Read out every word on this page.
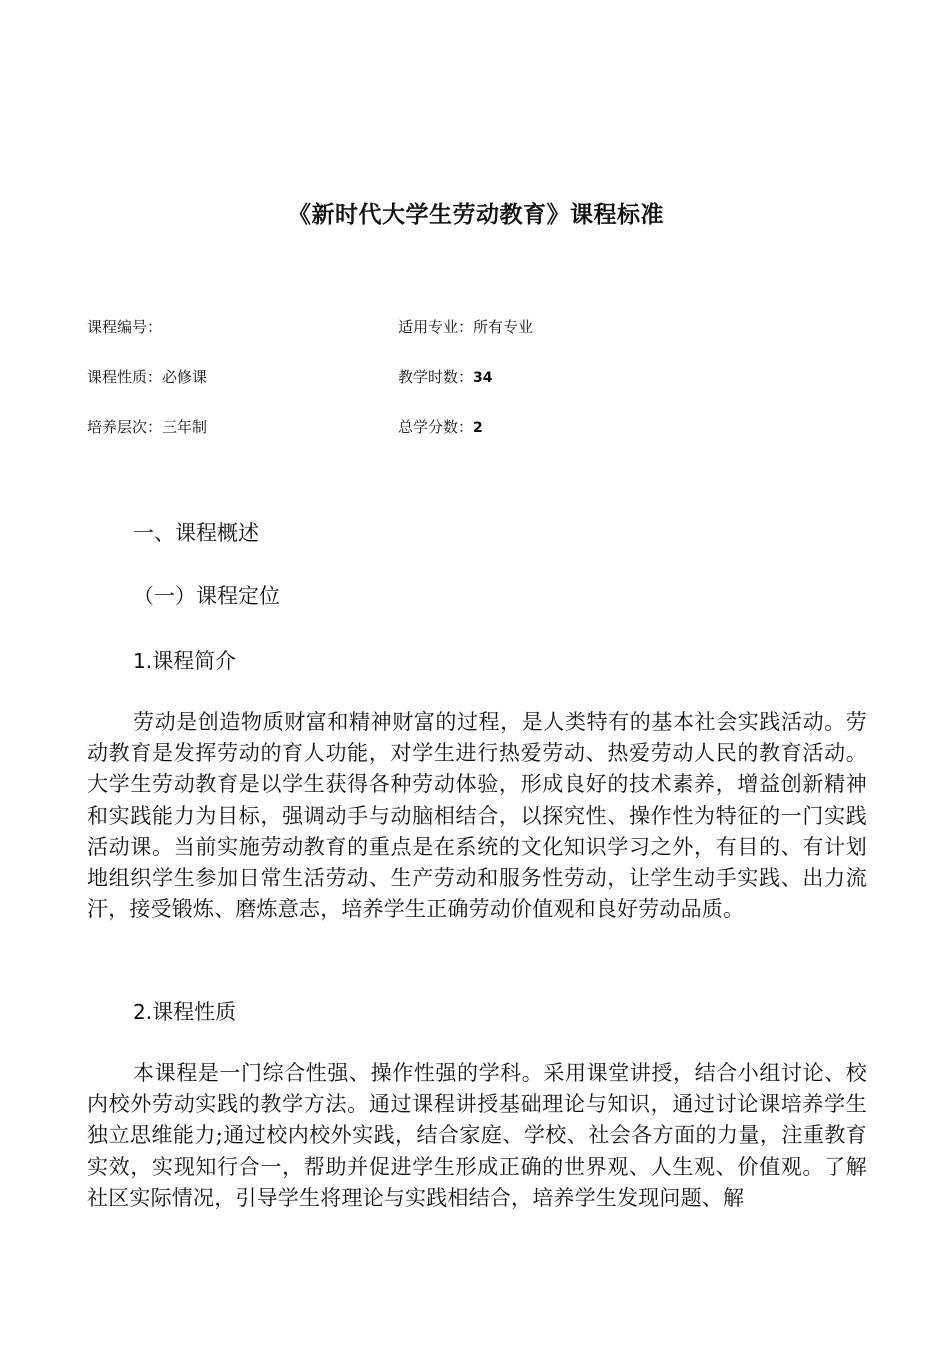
《新时代大学生劳动教育》课程标准
课程编号：	适用专业：所有专业
课程性质：必修课	教学时数：34
培养层次：三年制	总学分数：2
一、课程概述
（一）课程定位
1.课程简介
劳动是创造物质财富和精神财富的过程，是人类特有的基本社会实践活动。劳动教育是发挥劳动的育人功能，对学生进行热爱劳动、热爱劳动人民的教育活动。大学生劳动教育是以学生获得各种劳动体验，形成良好的技术素养，增益创新精神和实践能力为目标，强调动手与动脑相结合，以探究性、操作性为特征的一门实践活动课。当前实施劳动教育的重点是在系统的文化知识学习之外，有目的、有计划地组织学生参加日常生活劳动、生产劳动和服务性劳动，让学生动手实践、出力流汗，接受锻炼、磨炼意志，培养学生正确劳动价值观和良好劳动品质。
2.课程性质
本课程是一门综合性强、操作性强的学科。采用课堂讲授，结合小组讨论、校内校外劳动实践的教学方法。通过课程讲授基础理论与知识，通过讨论课培养学生独立思维能力;通过校内校外实践，结合家庭、学校、社会各方面的力量，注重教育实效，实现知行合一，帮助并促进学生形成正确的世界观、人生观、价值观。了解社区实际情况，引导学生将理论与实践相结合，培养学生发现问题、解
